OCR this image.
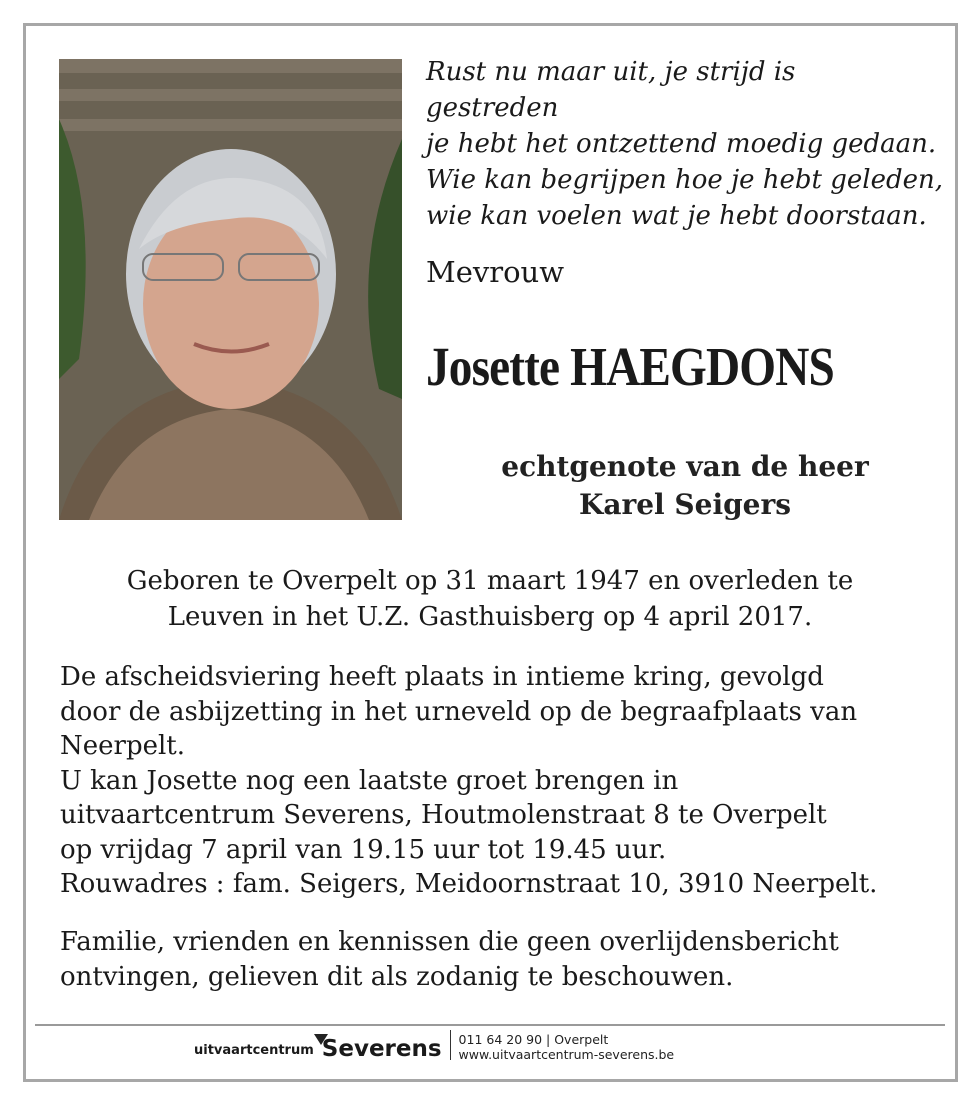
Rust nu maar uit, je strijd is
gestreden
je hebt het ontzettend moedig gedaan.
Wie kan begrijpen hoe je hebt geleden,
wie kan voelen wat je hebt doorstaan.
Mevrouw
Josette HAEGDONS
echtgenote van de heer
Karel Seigers
Geboren te Overpelt op 31 maart 1947 en overleden te
Leuven in het U.Z. Gasthuisberg op 4 april 2017.
De afscheidsviering heeft plaats in intieme kring, gevolgd
door de asbijzetting in het urneveld op de begraafplaats van
Neerpelt.
U kan Josette nog een laatste groet brengen in
uitvaartcentrum Severens, Houtmolenstraat 8 te Overpelt
op vrijdag 7 april van 19.15 uur tot 19.45 uur.
Rouwadres : fam. Seigers, Meidoornstraat 10, 3910 Neerpelt.
Familie, vrienden en kennissen die geen overlijdensbericht
ontvingen, gelieven dit als zodanig te beschouwen.
uitvaartcentrum Severens 011 64 20 90 | Overpelt
www.uitvaartcentrum-severens.be
